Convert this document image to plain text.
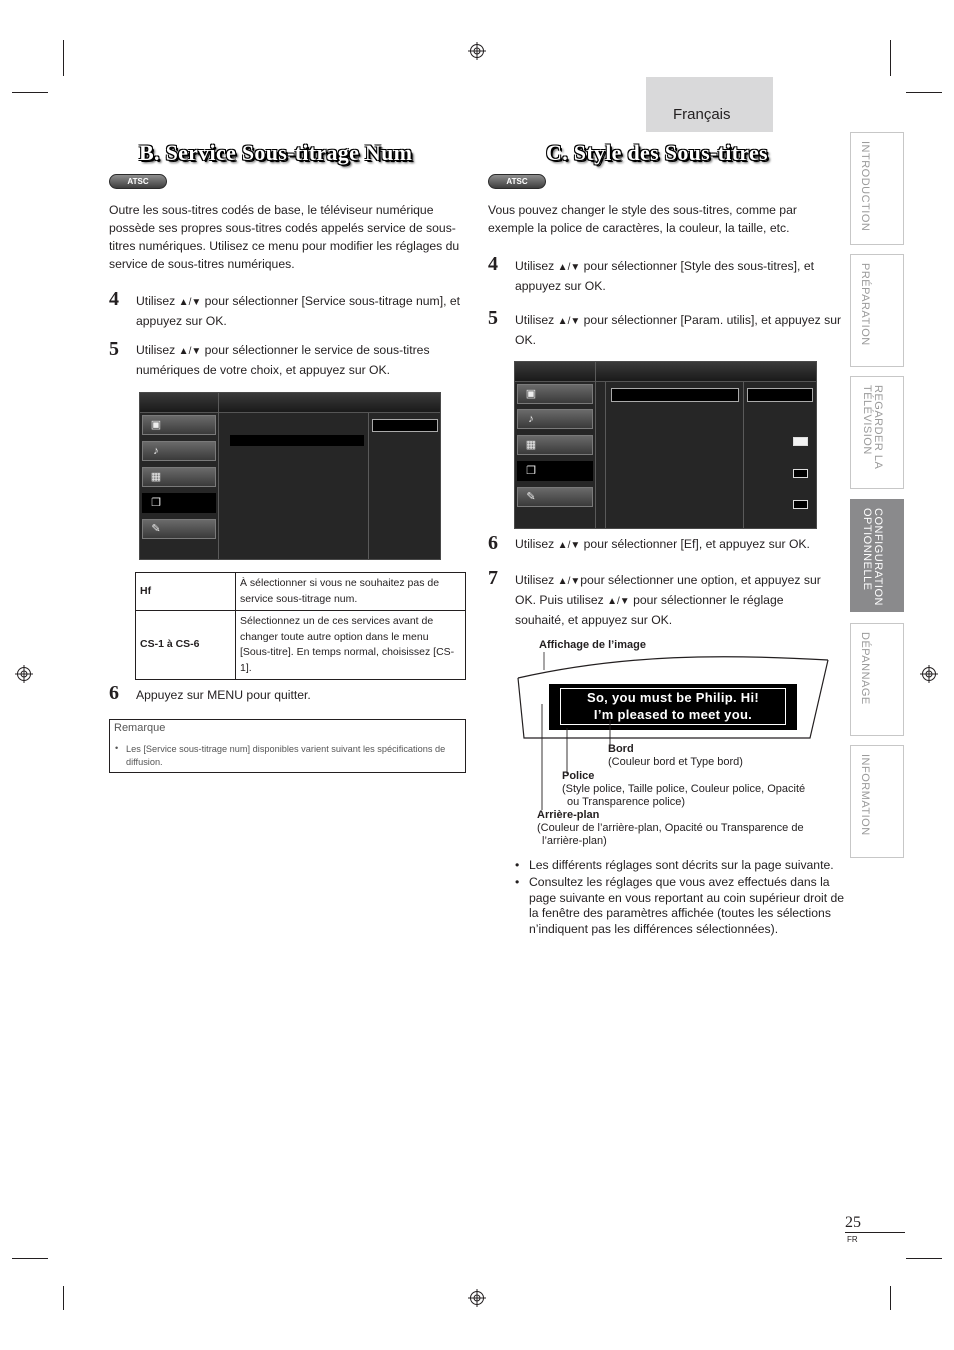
Français
INTRODUCTION
PRÉPARATION
REGARDER LA TÉLÉVISION
CONFIGURATION OPTIONNELLE
DÉPANNAGE
INFORMATION
B. Service Sous-titrage Num
ATSC
Outre les sous-titres codés de base, le téléviseur numérique possède ses propres sous-titres codés appelés service de sous-titres numériques. Utilisez ce menu pour modifier les réglages du service de sous-titres numériques.
4 Utilisez ▲/▼ pour sélectionner [Service sous-titrage num], et appuyez sur OK.
5 Utilisez ▲/▼ pour sélectionner le service de sous-titres numériques de votre choix, et appuyez sur OK.
▣
♪
▦
❐
✎
Hf	À sélectionner si vous ne souhaitez pas de service sous-titrage num.
CS-1 à CS-6	Sélectionnez un de ces services avant de changer toute autre option dans le menu [Sous-titre]. En temps normal, choisissez [CS-1].
6 Appuyez sur MENU pour quitter.
Remarque
• Les [Service sous-titrage num] disponibles varient suivant les spécifications de diffusion.
C. Style des Sous-titres
ATSC
Vous pouvez changer le style des sous-titres, comme par exemple la police de caractères, la couleur, la taille, etc.
4 Utilisez ▲/▼ pour sélectionner [Style des sous-titres], et appuyez sur OK.
5 Utilisez ▲/▼ pour sélectionner [Param. utilis], et appuyez sur OK.
▣
♪
▦
❐
✎
6 Utilisez ▲/▼ pour sélectionner [Ef], et appuyez sur OK.
7 Utilisez ▲/▼pour sélectionner une option, et appuyez sur OK. Puis utilisez ▲/▼ pour sélectionner le réglage souhaité, et appuyez sur OK.
Affichage de l’image
So, you must be Philip. Hi!
I’m pleased to meet you.
Bord
(Couleur bord et Type bord)
Police
(Style police, Taille police, Couleur police, Opacité
ou Transparence police)
Arrière-plan
(Couleur de l’arrière-plan, Opacité ou Transparence de
l’arrière-plan)
• Les différents réglages sont décrits sur la page suivante.
• Consultez les réglages que vous avez effectués dans la page suivante en vous reportant au coin supérieur droit de la fenêtre des paramètres affichée (toutes les sélections n’indiquent pas les différences sélectionnées).
25
FR
